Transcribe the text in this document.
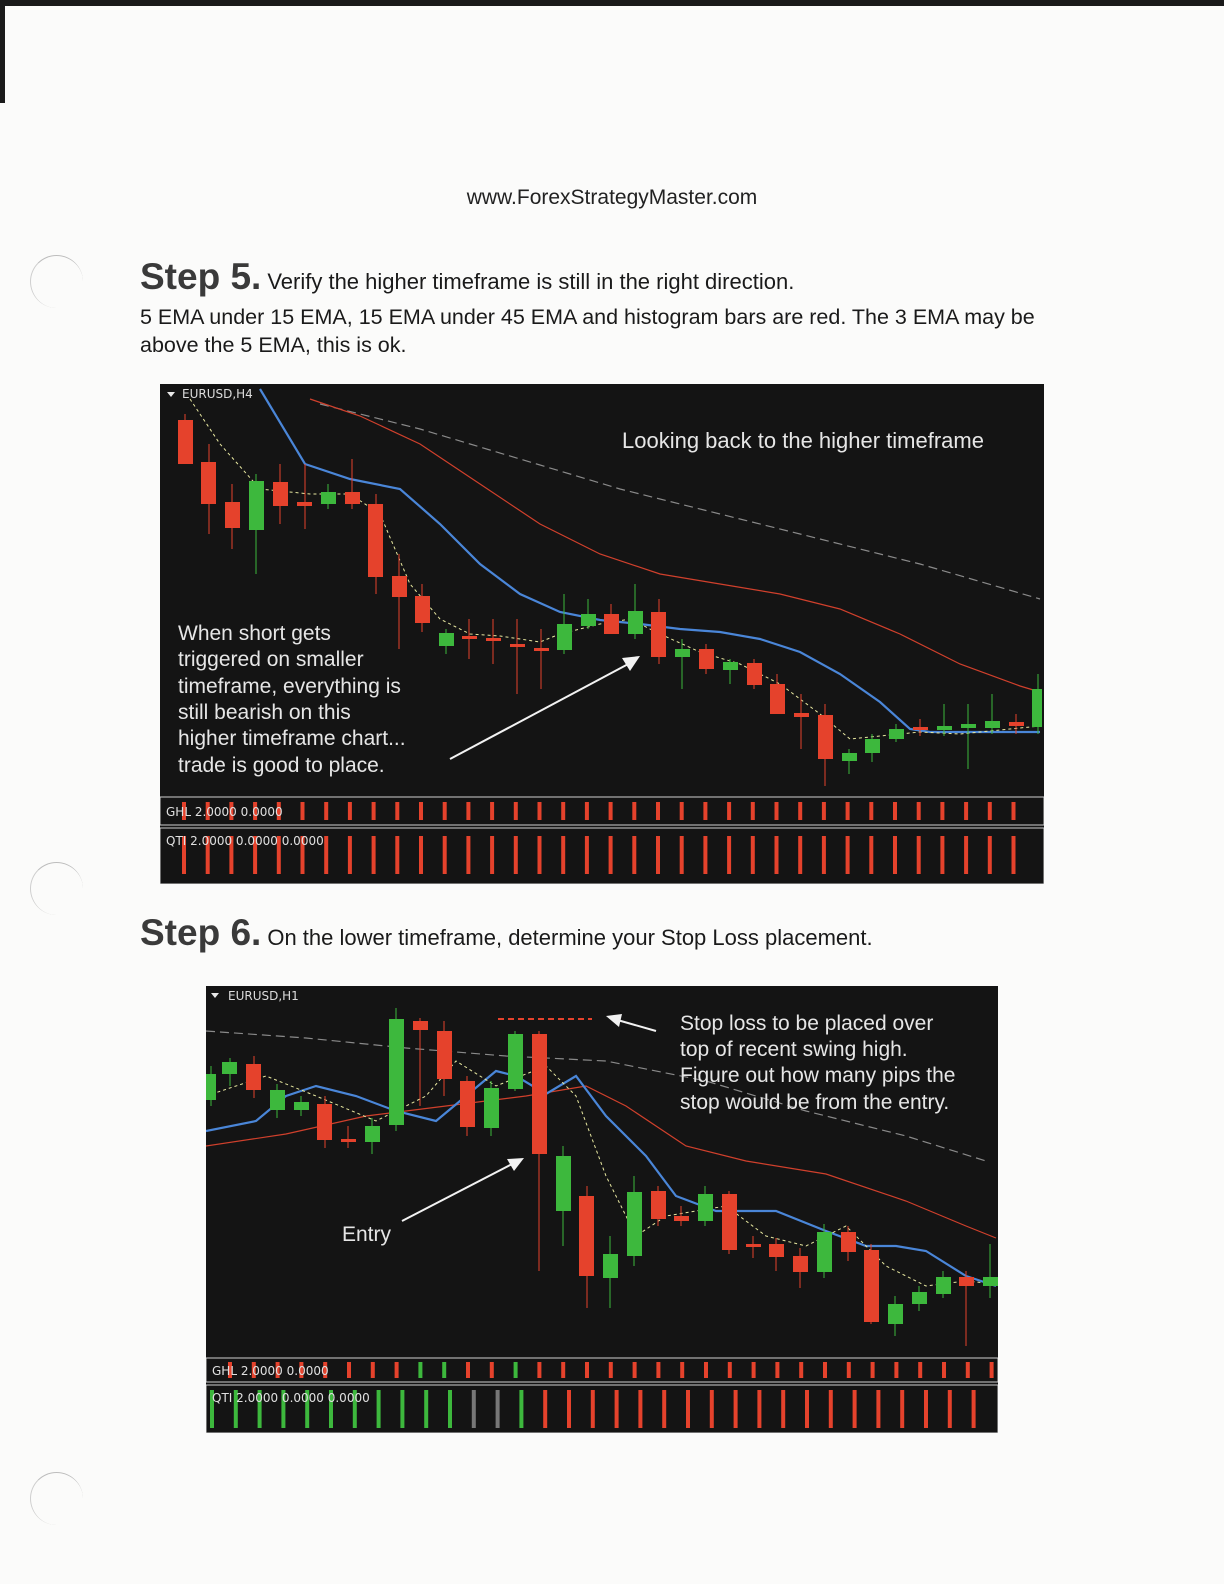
www.ForexStrategyMaster.com
Step 5. Verify the higher timeframe is still in the right direction.
5 EMA under 15 EMA, 15 EMA under 45 EMA and histogram bars are red. The 3 EMA may be above the 5 EMA, this is ok.
EURUSD,H4
Looking back to the higher timeframe
When short gets
triggered on smaller
timeframe, everything is
still bearish on this
higher timeframe chart...
trade is good to place.
GHL 2.0000 0.0000
QTI 2.0000 0.0000 0.0000
Step 6. On the lower timeframe, determine your Stop Loss placement.
EURUSD,H1
Stop loss to be placed over
top of recent swing high.
Figure out how many pips the
stop would be from the entry.
Entry
GHL 2.0000 0.0000
QTI 2.0000 0.0000 0.0000
